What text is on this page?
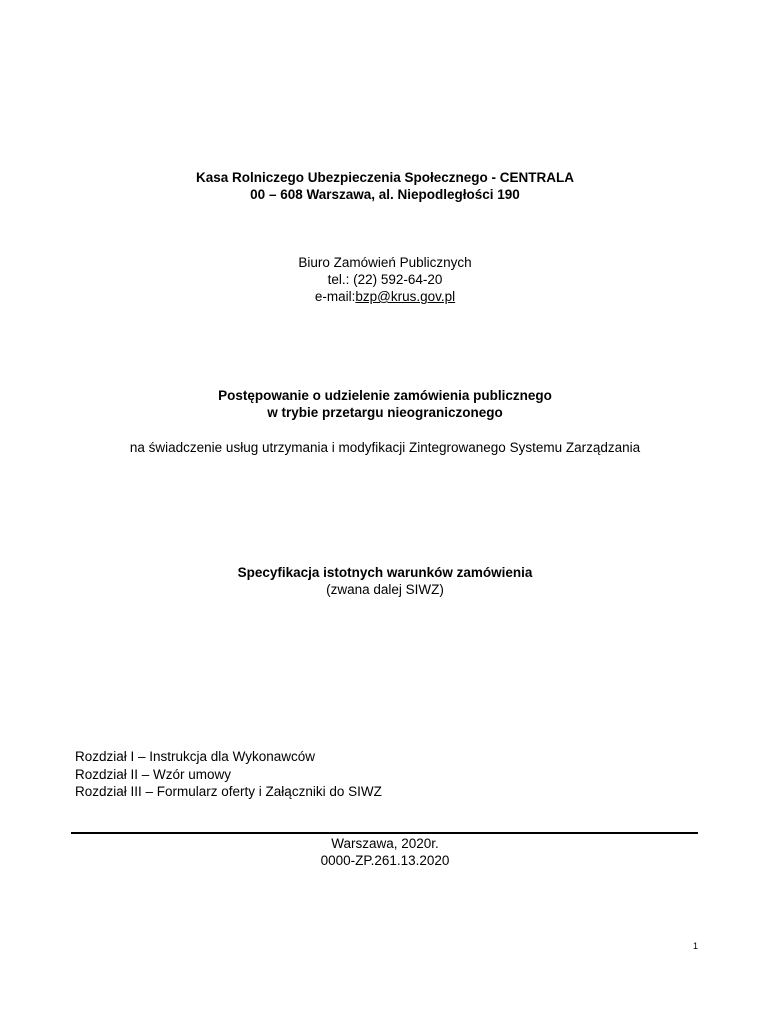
Kasa Rolniczego Ubezpieczenia Społecznego - CENTRALA
00 – 608 Warszawa, al. Niepodległości 190
Biuro Zamówień Publicznych
tel.: (22) 592-64-20
e-mail:bzp@krus.gov.pl
Postępowanie o udzielenie zamówienia publicznego
w trybie przetargu nieograniczonego
na świadczenie usług utrzymania i modyfikacji Zintegrowanego Systemu Zarządzania
Specyfikacja istotnych warunków zamówienia
(zwana dalej SIWZ)
Rozdział I – Instrukcja dla Wykonawców
Rozdział II – Wzór umowy
Rozdział III – Formularz oferty i Załączniki do SIWZ
Warszawa, 2020r.
0000-ZP.261.13.2020
1
